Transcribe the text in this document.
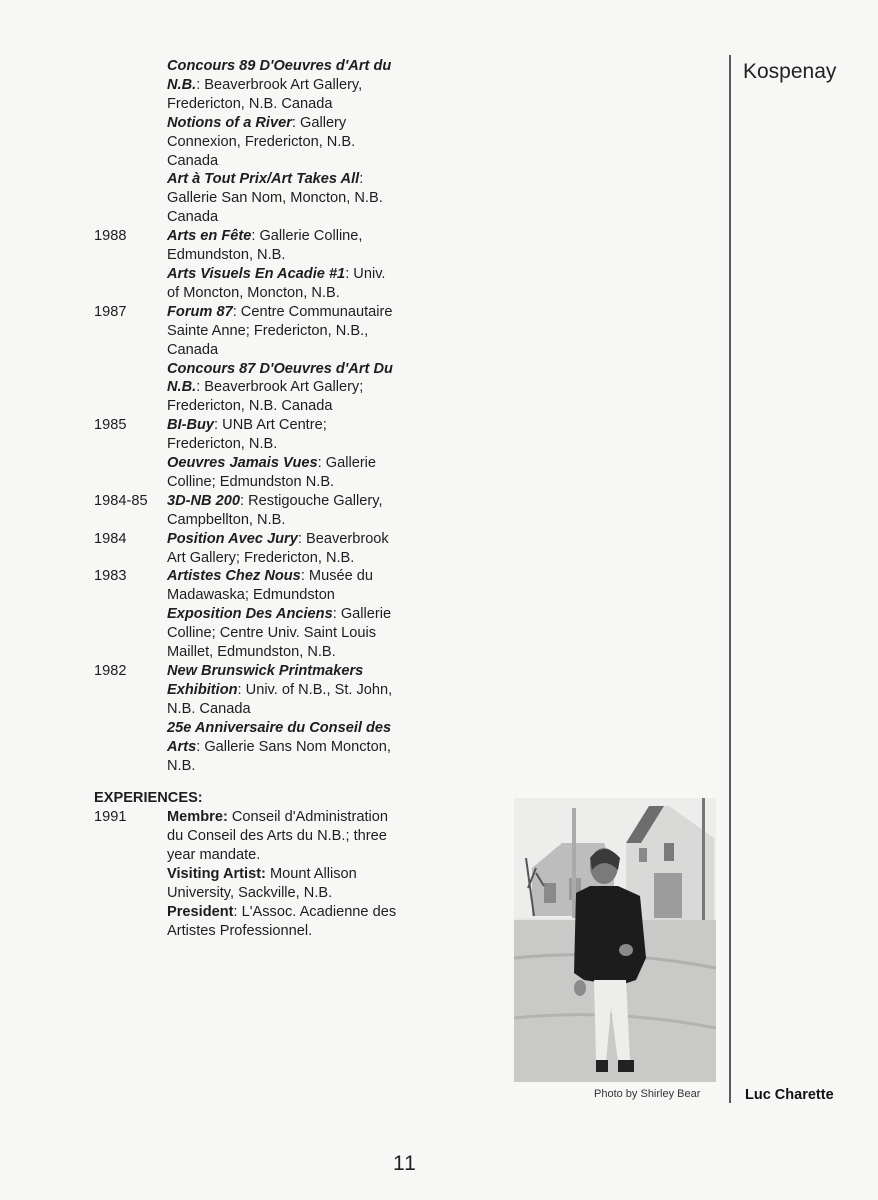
Concours 89 D'Oeuvres d'Art du N.B.: Beaverbrook Art Gallery, Fredericton, N.B. Canada
Notions of a River: Gallery Connexion, Fredericton, N.B. Canada
Art à Tout Prix/Art Takes All: Gallerie San Nom, Moncton, N.B. Canada
1988	Arts en Fête: Gallerie Colline, Edmundston, N.B.
Arts Visuels En Acadie #1: Univ. of Moncton, Moncton, N.B.
1987	Forum 87: Centre Communautaire Sainte Anne; Fredericton, N.B., Canada
Concours 87 D'Oeuvres d'Art Du N.B.: Beaverbrook Art Gallery; Fredericton, N.B. Canada
1985	BI-Buy: UNB Art Centre; Fredericton, N.B.
Oeuvres Jamais Vues: Gallerie Colline; Edmundston N.B.
1984-85	3D-NB 200: Restigouche Gallery, Campbellton, N.B.
1984	Position Avec Jury: Beaverbrook Art Gallery; Fredericton, N.B.
1983	Artistes Chez Nous: Musée du Madawaska; Edmundston
Exposition Des Anciens: Gallerie Colline; Centre Univ. Saint Louis Maillet, Edmundston, N.B.
1982	New Brunswick Printmakers Exhibition: Univ. of N.B., St. John, N.B. Canada
25e Anniversaire du Conseil des Arts: Gallerie Sans Nom Moncton, N.B.
EXPERIENCES:
1991	Membre: Conseil d'Administration du Conseil des Arts du N.B.; three year mandate.
Visiting Artist: Mount Allison University, Sackville, N.B.
President: L'Assoc. Acadienne des Artistes Professionnel.
Kospenay
Photo by Shirley Bear	Luc Charette
11
